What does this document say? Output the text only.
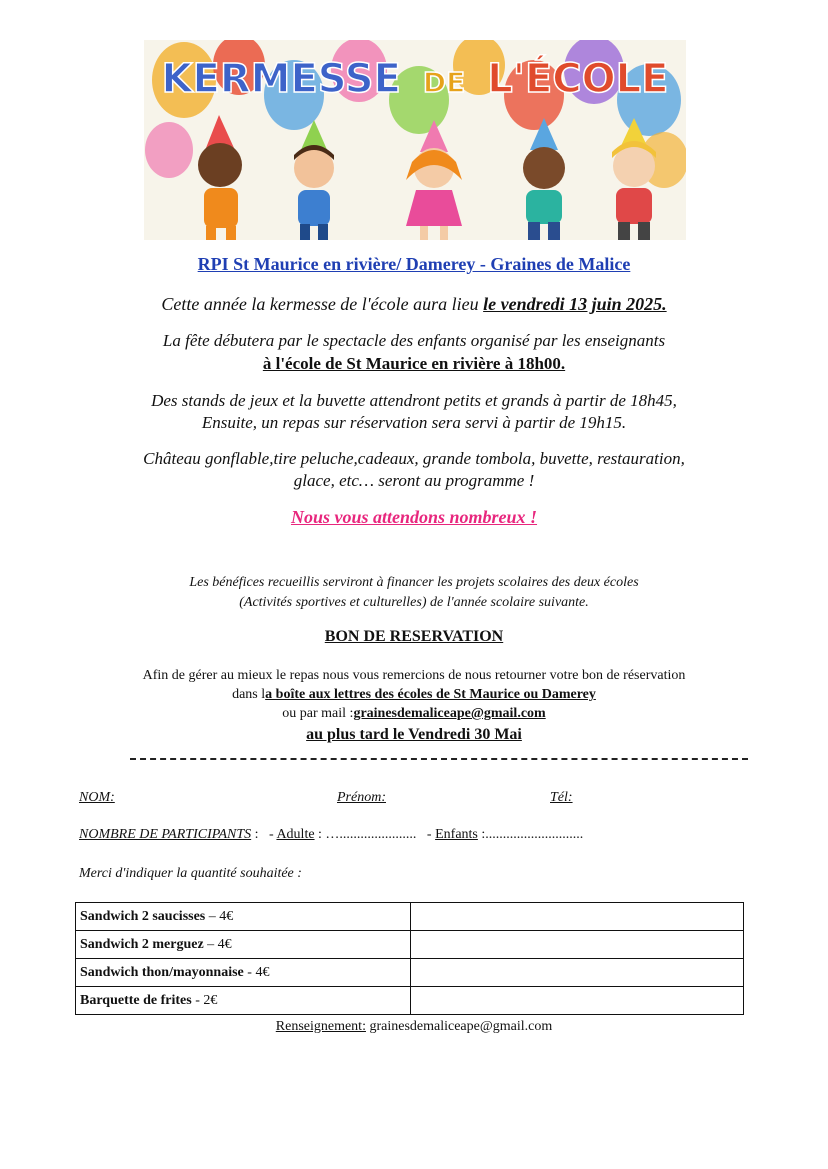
KERMESSE DE L'ÉCOLE
RPI St Maurice en rivière/ Damerey - Graines de Malice
Cette année la kermesse de l'école aura lieu le vendredi 13 juin 2025.
La fête débutera par le spectacle des enfants organisé par les enseignants
à l'école de St Maurice en rivière à 18h00.
Des stands de jeux et la buvette attendront petits et grands à partir de 18h45,
Ensuite, un repas sur réservation sera servi à partir de 19h15.
Château gonflable,tire peluche,cadeaux, grande tombola, buvette, restauration,
glace, etc… seront au programme !
Nous vous attendons nombreux !
Les bénéfices recueillis serviront à financer les projets scolaires des deux écoles
(Activités sportives et culturelles) de l'année scolaire suivante.
BON DE RESERVATION
Afin de gérer au mieux le repas nous vous remercions de nous retourner votre bon de réservation
dans la boîte aux lettres des écoles de St Maurice ou Damerey
ou par mail :grainesdemaliceape@gmail.com
au plus tard le Vendredi 30 Mai
NOM:	Prénom:	Tél:
NOMBRE DE PARTICIPANTS :   - Adulte : …......................   - Enfants :............................
Merci d'indiquer la quantité souhaitée :
Sandwich 2 saucisses – 4€	
Sandwich 2 merguez – 4€	
Sandwich thon/mayonnaise - 4€	
Barquette de frites - 2€	
Renseignement: grainesdemaliceape@gmail.com
